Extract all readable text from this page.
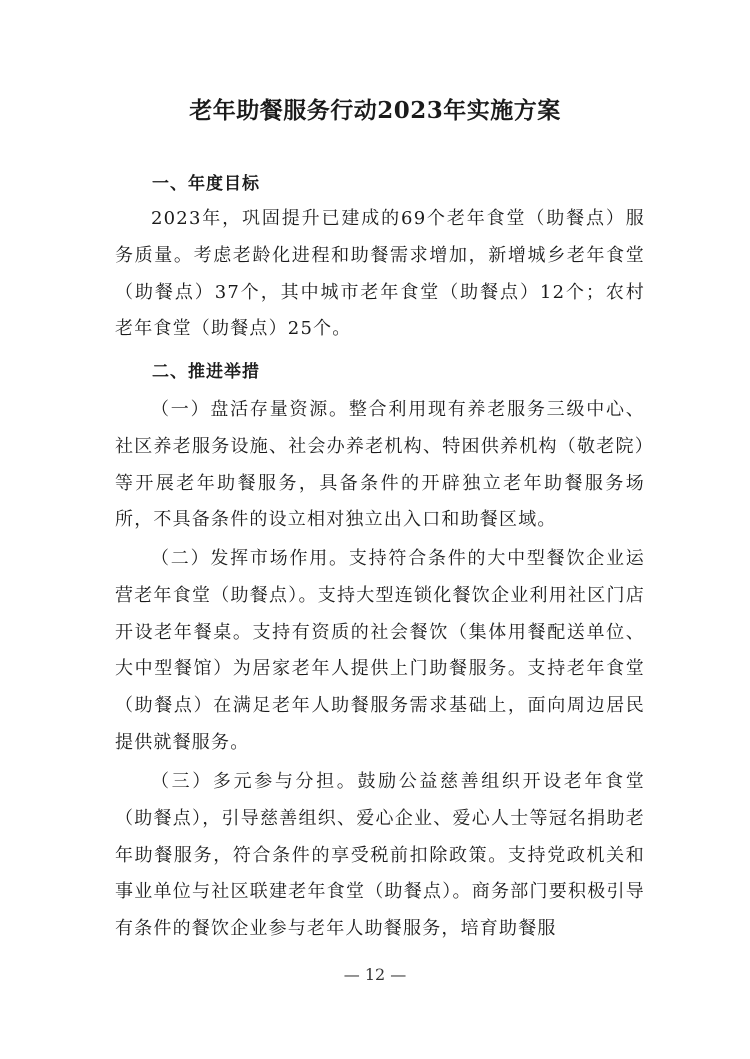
老年助餐服务行动2023年实施方案
一、年度目标

2023年，巩固提升已建成的69个老年食堂（助餐点）服务质量。考虑老龄化进程和助餐需求增加，新增城乡老年食堂（助餐点）37个，其中城市老年食堂（助餐点）12个；农村老年食堂（助餐点）25个。

二、推进举措

（一）盘活存量资源。整合利用现有养老服务三级中心、社区养老服务设施、社会办养老机构、特困供养机构（敬老院）等开展老年助餐服务，具备条件的开辟独立老年助餐服务场所，不具备条件的设立相对独立出入口和助餐区域。

（二）发挥市场作用。支持符合条件的大中型餐饮企业运营老年食堂（助餐点）。支持大型连锁化餐饮企业利用社区门店开设老年餐桌。支持有资质的社会餐饮（集体用餐配送单位、大中型餐馆）为居家老年人提供上门助餐服务。支持老年食堂（助餐点）在满足老年人助餐服务需求基础上，面向周边居民提供就餐服务。

（三）多元参与分担。鼓励公益慈善组织开设老年食堂（助餐点），引导慈善组织、爱心企业、爱心人士等冠名捐助老年助餐服务，符合条件的享受税前扣除政策。支持党政机关和事业单位与社区联建老年食堂（助餐点）。商务部门要积极引导有条件的餐饮企业参与老年人助餐服务，培育助餐服

— 12 —
